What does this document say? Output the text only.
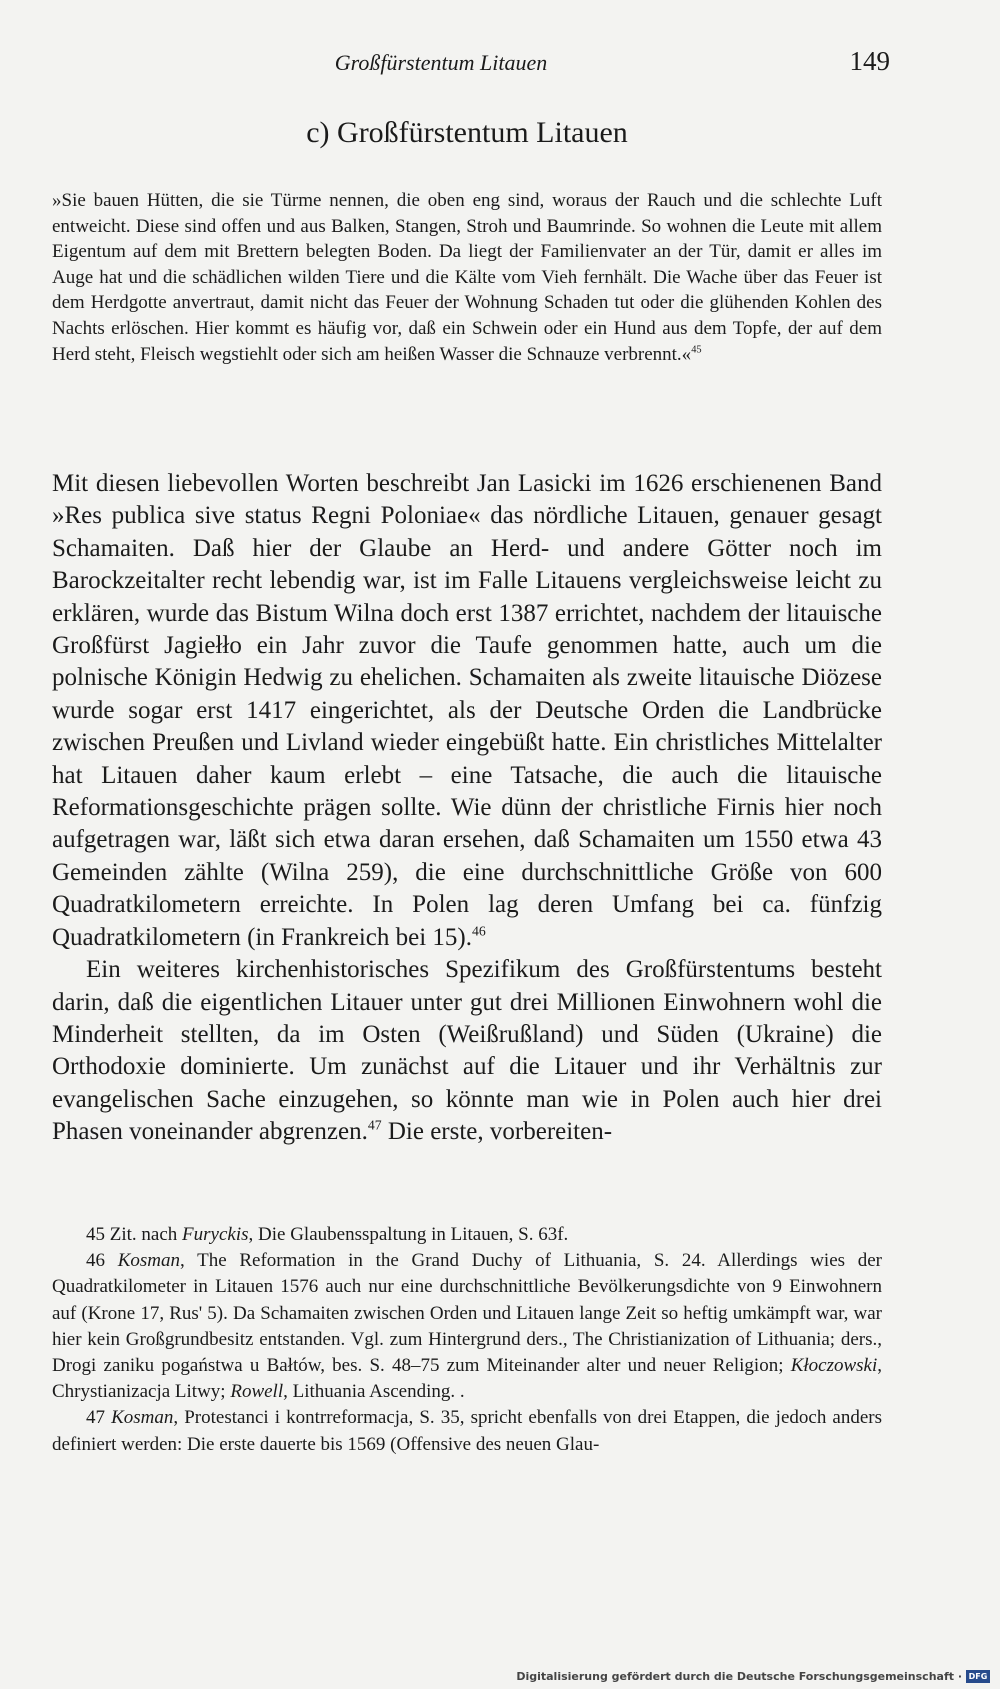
Großfürstentum Litauen	149
c) Großfürstentum Litauen
»Sie bauen Hütten, die sie Türme nennen, die oben eng sind, woraus der Rauch und die schlechte Luft entweicht. Diese sind offen und aus Balken, Stangen, Stroh und Baumrinde. So wohnen die Leute mit allem Eigentum auf dem mit Brettern belegten Boden. Da liegt der Familienvater an der Tür, damit er alles im Auge hat und die schädlichen wilden Tiere und die Kälte vom Vieh fernhält. Die Wache über das Feuer ist dem Herdgotte anvertraut, damit nicht das Feuer der Wohnung Schaden tut oder die glühenden Kohlen des Nachts erlöschen. Hier kommt es häufig vor, daß ein Schwein oder ein Hund aus dem Topfe, der auf dem Herd steht, Fleisch wegstiehlt oder sich am heißen Wasser die Schnauze verbrennt.«$^{45}$

Mit diesen liebevollen Worten beschreibt Jan Lasicki im 1626 erschienenen Band »Res publica sive status Regni Poloniae« das nördliche Litauen, genauer gesagt Schamaiten. Daß hier der Glaube an Herd- und andere Götter noch im Barockzeitalter recht lebendig war, ist im Falle Litauens vergleichsweise leicht zu erklären, wurde das Bistum Wilna doch erst 1387 errichtet, nachdem der litauische Großfürst Jagiełło ein Jahr zuvor die Taufe genommen hatte, auch um die polnische Königin Hedwig zu ehelichen. Schamaiten als zweite litauische Diözese wurde sogar erst 1417 eingerichtet, als der Deutsche Orden die Landbrücke zwischen Preußen und Livland wieder eingebüßt hatte. Ein christliches Mittelalter hat Litauen daher kaum erlebt – eine Tatsache, die auch die litauische Reformationsgeschichte prägen sollte. Wie dünn der christliche Firnis hier noch aufgetragen war, läßt sich etwa daran ersehen, daß Schamaiten um 1550 etwa 43 Gemeinden zählte (Wilna 259), die eine durchschnittliche Größe von 600 Quadratkilometern erreichte. In Polen lag deren Umfang bei ca. fünfzig Quadratkilometern (in Frankreich bei 15).$^{46}$

Ein weiteres kirchenhistorisches Spezifikum des Großfürstentums besteht darin, daß die eigentlichen Litauer unter gut drei Millionen Einwohnern wohl die Minderheit stellten, da im Osten (Weißrußland) und Süden (Ukraine) die Orthodoxie dominierte. Um zunächst auf die Litauer und ihr Verhältnis zur evangelischen Sache einzugehen, so könnte man wie in Polen auch hier drei Phasen voneinander abgrenzen.$^{47}$ Die erste, vorbereiten-

45 Zit. nach Furyckis, Die Glaubensspaltung in Litauen, S. 63f.

46 Kosman, The Reformation in the Grand Duchy of Lithuania, S. 24. Allerdings wies der Quadratkilometer in Litauen 1576 auch nur eine durchschnittliche Bevölkerungsdichte von 9 Einwohnern auf (Krone 17, Rus' 5). Da Schamaiten zwischen Orden und Litauen lange Zeit so heftig umkämpft war, war hier kein Großgrundbesitz entstanden. Vgl. zum Hintergrund ders., The Christianization of Lithuania; ders., Drogi zaniku pogaństwa u Bałtów, bes. S. 48–75 zum Miteinander alter und neuer Religion; Kłoczowski, Chrystianizacja Litwy; Rowell, Lithuania Ascending. .

47 Kosman, Protestanci i kontrreformacja, S. 35, spricht ebenfalls von drei Etappen, die jedoch anders definiert werden: Die erste dauerte bis 1569 (Offensive des neuen Glau-

Digitalisierung gefördert durch die Deutsche Forschungsgemeinschaft · DFG
